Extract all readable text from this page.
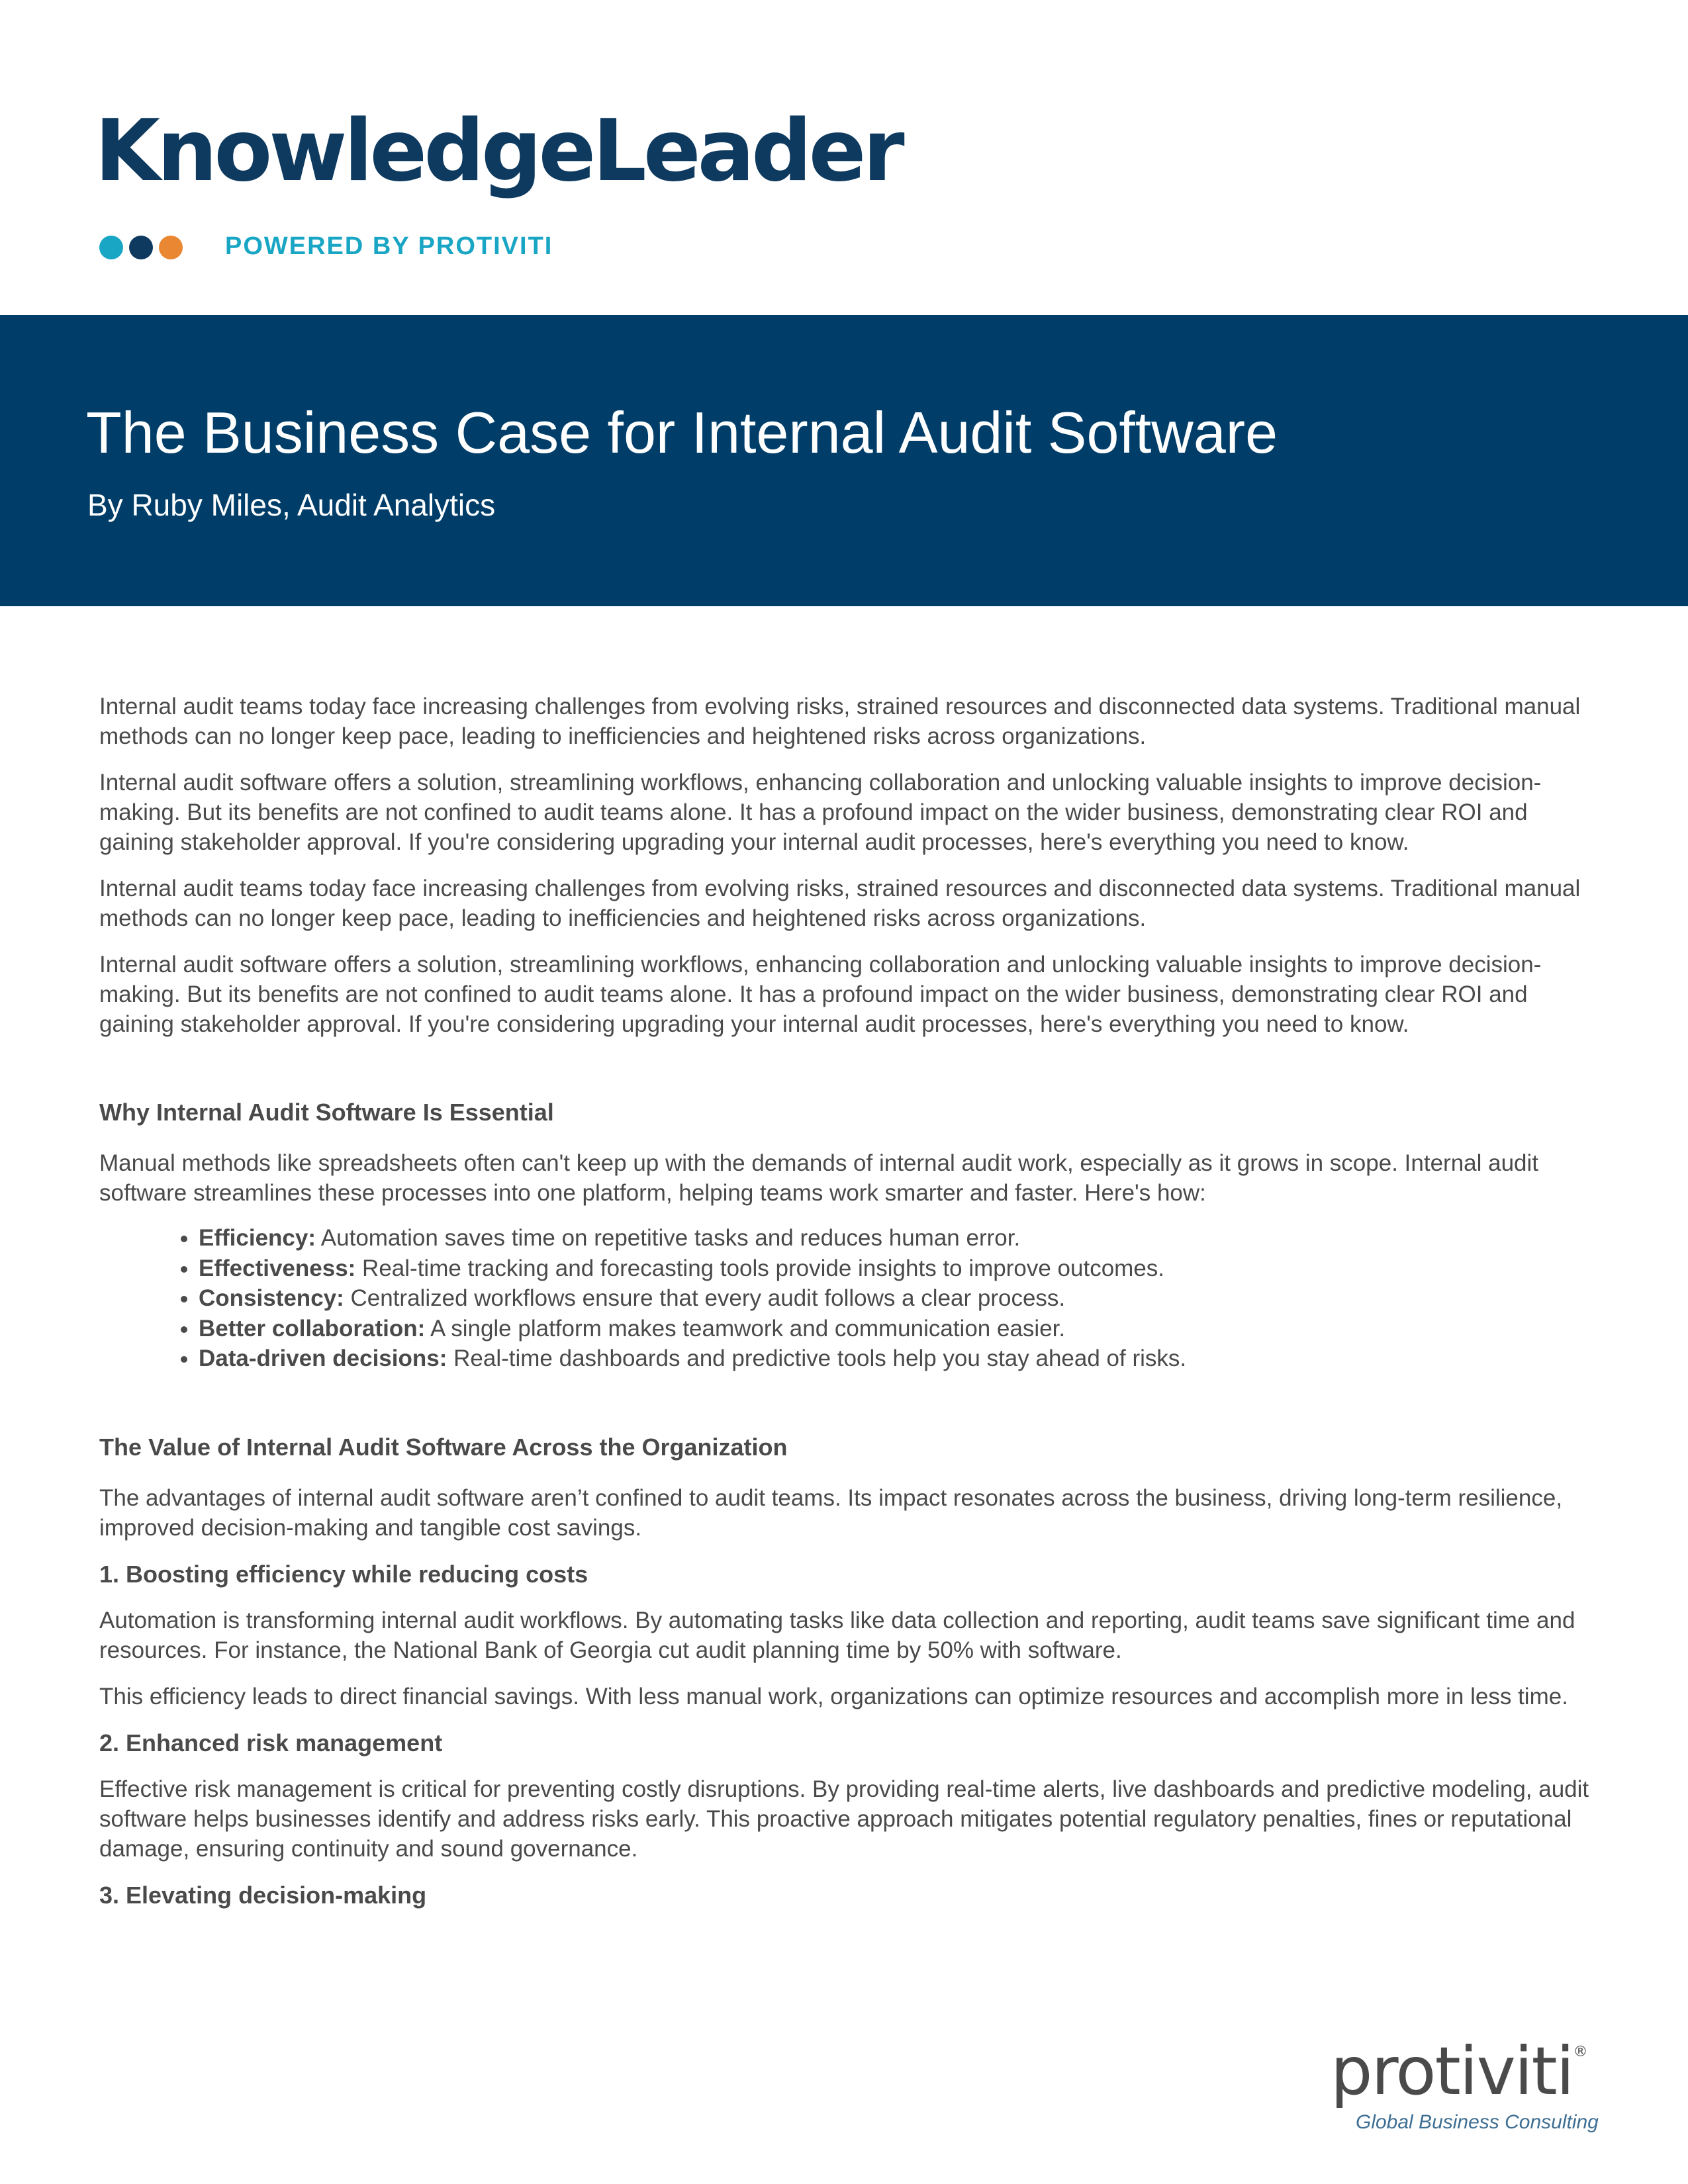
KnowledgeLeader
POWERED BY PROTIVITI
The Business Case for Internal Audit Software
By Ruby Miles, Audit Analytics

Internal audit teams today face increasing challenges from evolving risks, strained resources and disconnected data systems. Traditional manual methods can no longer keep pace, leading to inefficiencies and heightened risks across organizations.

Internal audit software offers a solution, streamlining workflows, enhancing collaboration and unlocking valuable insights to improve decision-making. But its benefits are not confined to audit teams alone. It has a profound impact on the wider business, demonstrating clear ROI and gaining stakeholder approval. If you're considering upgrading your internal audit processes, here's everything you need to know.

Internal audit teams today face increasing challenges from evolving risks, strained resources and disconnected data systems. Traditional manual methods can no longer keep pace, leading to inefficiencies and heightened risks across organizations.

Internal audit software offers a solution, streamlining workflows, enhancing collaboration and unlocking valuable insights to improve decision-making. But its benefits are not confined to audit teams alone. It has a profound impact on the wider business, demonstrating clear ROI and gaining stakeholder approval. If you're considering upgrading your internal audit processes, here's everything you need to know.

Why Internal Audit Software Is Essential

Manual methods like spreadsheets often can't keep up with the demands of internal audit work, especially as it grows in scope. Internal audit software streamlines these processes into one platform, helping teams work smarter and faster. Here's how:

• Efficiency: Automation saves time on repetitive tasks and reduces human error.
• Effectiveness: Real-time tracking and forecasting tools provide insights to improve outcomes.
• Consistency: Centralized workflows ensure that every audit follows a clear process.
• Better collaboration: A single platform makes teamwork and communication easier.
• Data-driven decisions: Real-time dashboards and predictive tools help you stay ahead of risks.
The Value of Internal Audit Software Across the Organization

The advantages of internal audit software aren’t confined to audit teams. Its impact resonates across the business, driving long-term resilience, improved decision-making and tangible cost savings.

1. Boosting efficiency while reducing costs

Automation is transforming internal audit workflows. By automating tasks like data collection and reporting, audit teams save significant time and resources. For instance, the National Bank of Georgia cut audit planning time by 50% with software.

This efficiency leads to direct financial savings. With less manual work, organizations can optimize resources and accomplish more in less time.

2. Enhanced risk management

Effective risk management is critical for preventing costly disruptions. By providing real-time alerts, live dashboards and predictive modeling, audit software helps businesses identify and address risks early. This proactive approach mitigates potential regulatory penalties, fines or reputational damage, ensuring continuity and sound governance.

3. Elevating decision-making
protiviti®
Global Business Consulting
